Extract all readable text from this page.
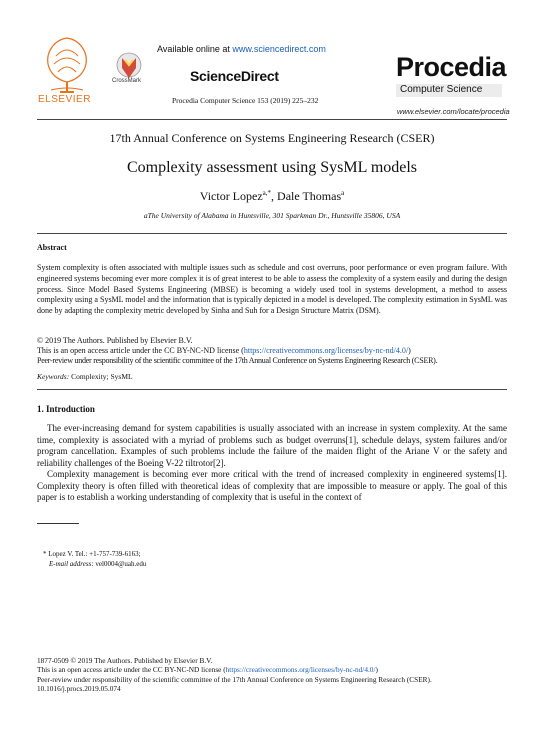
ELSEVIER
CrossMark
Available online at www.sciencedirect.com
ScienceDirect
Procedia Computer Science 153 (2019) 225–232
Procedia
Computer Science
www.elsevier.com/locate/procedia
17th Annual Conference on Systems Engineering Research (CSER)
Complexity assessment using SysML models
Victor Lopez$^{a,*}$, Dale Thomas$^a$
aThe University of Alabama in Huntsville, 301 Sparkman Dr., Huntsville 35806, USA
Abstract
System complexity is often associated with multiple issues such as schedule and cost overruns, poor performance or even program failure. With engineered systems becoming ever more complex it is of great interest to be able to assess the complexity of a system easily and during the design process. Since Model Based Systems Engineering (MBSE) is becoming a widely used tool in systems development, a method to assess complexity using a SysML model and the information that is typically depicted in a model is developed. The complexity estimation in SysML was done by adapting the complexity metric developed by Sinha and Suh for a Design Structure Matrix (DSM).
© 2019 The Authors. Published by Elsevier B.V.
This is an open access article under the CC BY-NC-ND license (https://creativecommons.org/licenses/by-nc-nd/4.0/)
Peer-review under responsibility of the scientific committee of the 17th Annual Conference on Systems Engineering Research (CSER).
Keywords: Complexity; SysML
1. Introduction

The ever-increasing demand for system capabilities is usually associated with an increase in system complexity. At the same time, complexity is associated with a myriad of problems such as budget overruns[1], schedule delays, system failures and/or program cancellation. Examples of such problems include the failure of the maiden flight of the Ariane V or the safety and reliability challenges of the Boeing V-22 tiltrotor[2].

Complexity management is becoming ever more critical with the trend of increased complexity in engineered systems[1]. Complexity theory is often filled with theoretical ideas of complexity that are impossible to measure or apply. The goal of this paper is to establish a working understanding of complexity that is useful in the context of

* Lopez V. Tel.: +1-757-739-6163;
E-mail address: vel0004@uah.edu
1877-0509 © 2019 The Authors. Published by Elsevier B.V.
This is an open access article under the CC BY-NC-ND license (https://creativecommons.org/licenses/by-nc-nd/4.0/)
Peer-review under responsibility of the scientific committee of the 17th Annual Conference on Systems Engineering Research (CSER).
10.1016/j.procs.2019.05.074
